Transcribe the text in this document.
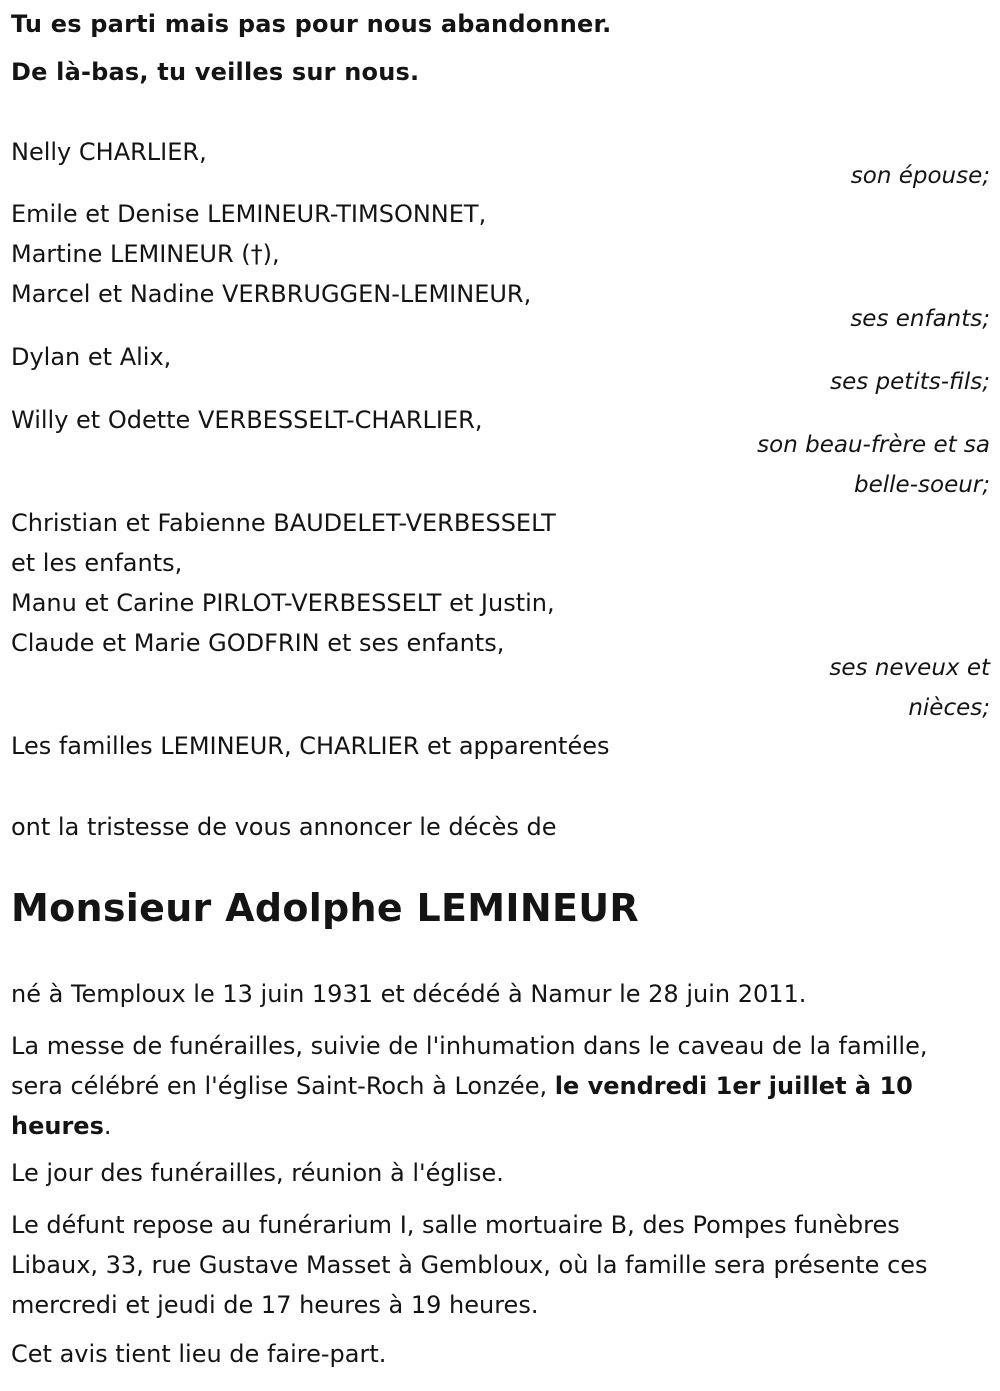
Tu es parti mais pas pour nous abandonner.
De là-bas, tu veilles sur nous.
Nelly CHARLIER,
son épouse;
Emile et Denise LEMINEUR-TIMSONNET,
Martine LEMINEUR (†),
Marcel et Nadine VERBRUGGEN-LEMINEUR,
ses enfants;
Dylan et Alix,
ses petits-fils;
Willy et Odette VERBESSELT-CHARLIER,
son beau-frère et sa
belle-soeur;
Christian et Fabienne BAUDELET-VERBESSELT
et les enfants,
Manu et Carine PIRLOT-VERBESSELT et Justin,
Claude et Marie GODFRIN et ses enfants,
ses neveux et
nièces;
Les familles LEMINEUR, CHARLIER et apparentées
ont la tristesse de vous annoncer le décès de
Monsieur Adolphe LEMINEUR
né à Temploux le 13 juin 1931 et décédé à Namur le 28 juin 2011.
La messe de funérailles, suivie de l'inhumation dans le caveau de la famille, sera célébré en l'église Saint-Roch à Lonzée, le vendredi 1er juillet à 10 heures.
Le jour des funérailles, réunion à l'église.
Le défunt repose au funérarium I, salle mortuaire B, des Pompes funèbres Libaux, 33, rue Gustave Masset à Gembloux, où la famille sera présente ces mercredi et jeudi de 17 heures à 19 heures.
Cet avis tient lieu de faire-part.
